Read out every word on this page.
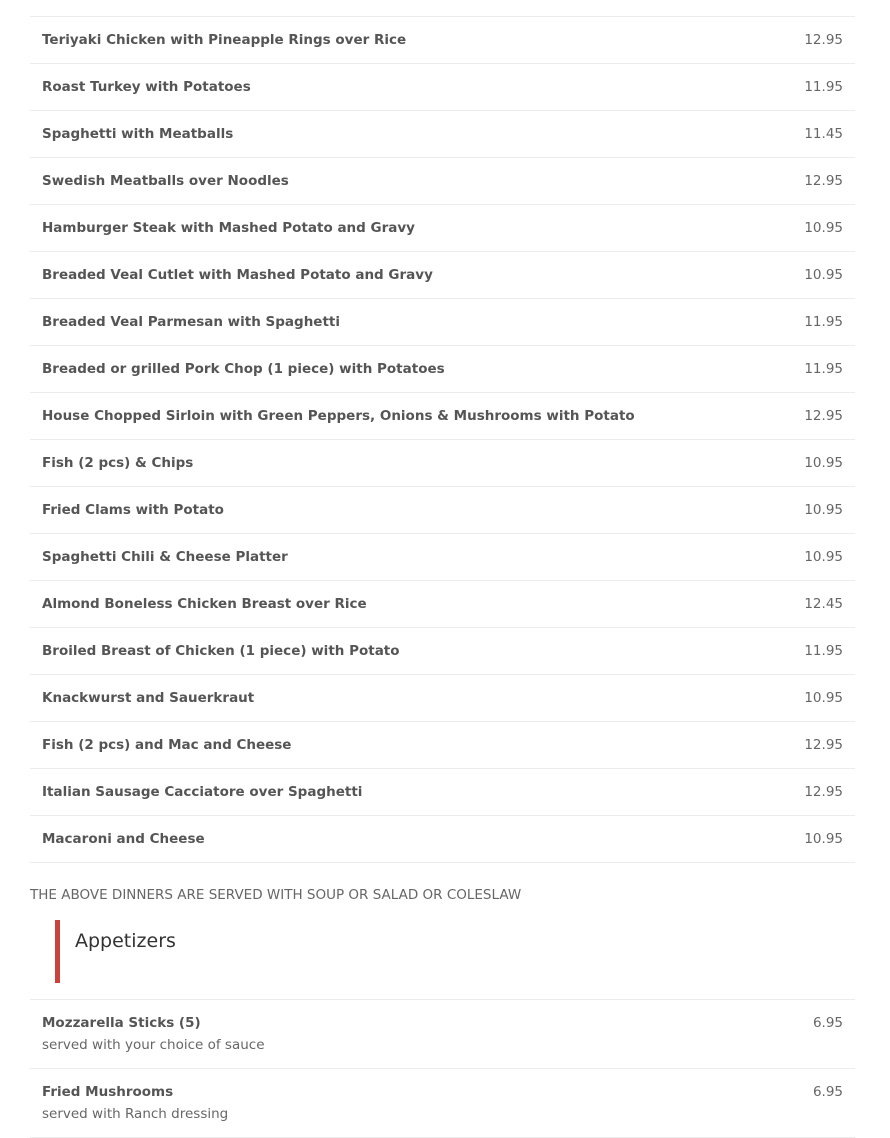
Teriyaki Chicken with Pineapple Rings over Rice	12.95
Roast Turkey with Potatoes	11.95
Spaghetti with Meatballs	11.45
Swedish Meatballs over Noodles	12.95
Hamburger Steak with Mashed Potato and Gravy	10.95
Breaded Veal Cutlet with Mashed Potato and Gravy	10.95
Breaded Veal Parmesan with Spaghetti	11.95
Breaded or grilled Pork Chop (1 piece) with Potatoes	11.95
House Chopped Sirloin with Green Peppers, Onions & Mushrooms with Potato	12.95
Fish (2 pcs) & Chips	10.95
Fried Clams with Potato	10.95
Spaghetti Chili & Cheese Platter	10.95
Almond Boneless Chicken Breast over Rice	12.45
Broiled Breast of Chicken (1 piece) with Potato	11.95
Knackwurst and Sauerkraut	10.95
Fish (2 pcs) and Mac and Cheese	12.95
Italian Sausage Cacciatore over Spaghetti	12.95
Macaroni and Cheese	10.95

THE ABOVE DINNERS ARE SERVED WITH SOUP OR SALAD OR COLESLAW

Appetizers
Mozzarella Sticks (5)
served with your choice of sauce
6.95
Fried Mushrooms
served with Ranch dressing
6.95
